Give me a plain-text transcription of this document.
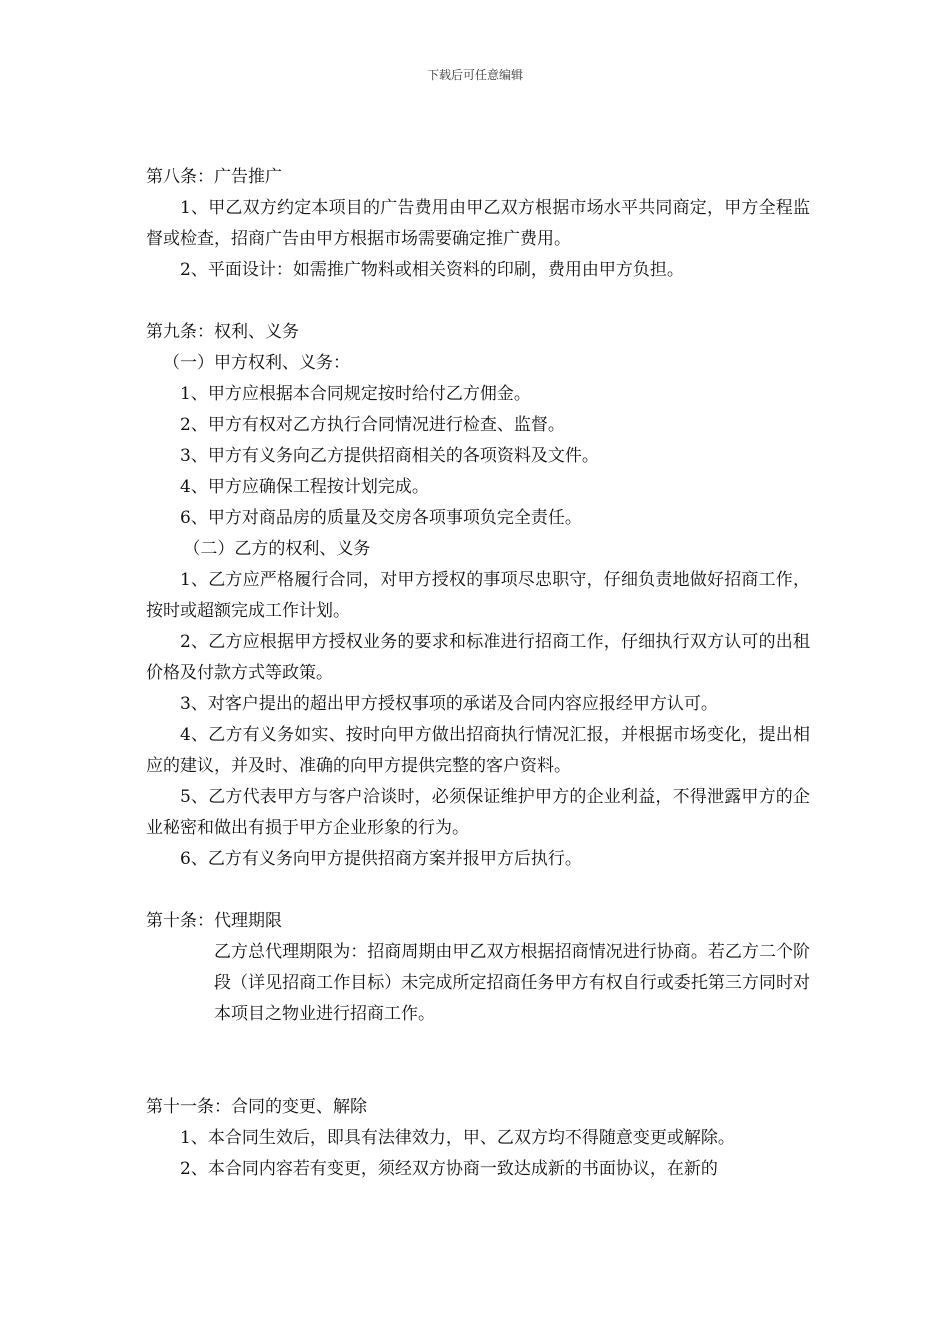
下载后可任意编辑

第八条：广告推广

1、甲乙双方约定本项目的广告费用由甲乙双方根据市场水平共同商定，甲方全程监督或检查，招商广告由甲方根据市场需要确定推广费用。

2、平面设计：如需推广物料或相关资料的印刷，费用由甲方负担。

第九条：权利、义务

（一）甲方权利、义务：

1、甲方应根据本合同规定按时给付乙方佣金。

2、甲方有权对乙方执行合同情况进行检查、监督。

3、甲方有义务向乙方提供招商相关的各项资料及文件。

4、甲方应确保工程按计划完成。

6、甲方对商品房的质量及交房各项事项负完全责任。

（二）乙方的权利、义务

1、乙方应严格履行合同，对甲方授权的事项尽忠职守，仔细负责地做好招商工作，按时或超额完成工作计划。

2、乙方应根据甲方授权业务的要求和标准进行招商工作，仔细执行双方认可的出租价格及付款方式等政策。

3、对客户提出的超出甲方授权事项的承诺及合同内容应报经甲方认可。

4、乙方有义务如实、按时向甲方做出招商执行情况汇报，并根据市场变化，提出相应的建议，并及时、准确的向甲方提供完整的客户资料。

5、乙方代表甲方与客户洽谈时，必须保证维护甲方的企业利益，不得泄露甲方的企业秘密和做出有损于甲方企业形象的行为。

6、乙方有义务向甲方提供招商方案并报甲方后执行。

第十条：代理期限

乙方总代理期限为：招商周期由甲乙双方根据招商情况进行协商。若乙方二个阶段（详见招商工作目标）未完成所定招商任务甲方有权自行或委托第三方同时对本项目之物业进行招商工作。

第十一条：合同的变更、解除

1、本合同生效后，即具有法律效力，甲、乙双方均不得随意变更或解除。

2、本合同内容若有变更，须经双方协商一致达成新的书面协议，在新的
